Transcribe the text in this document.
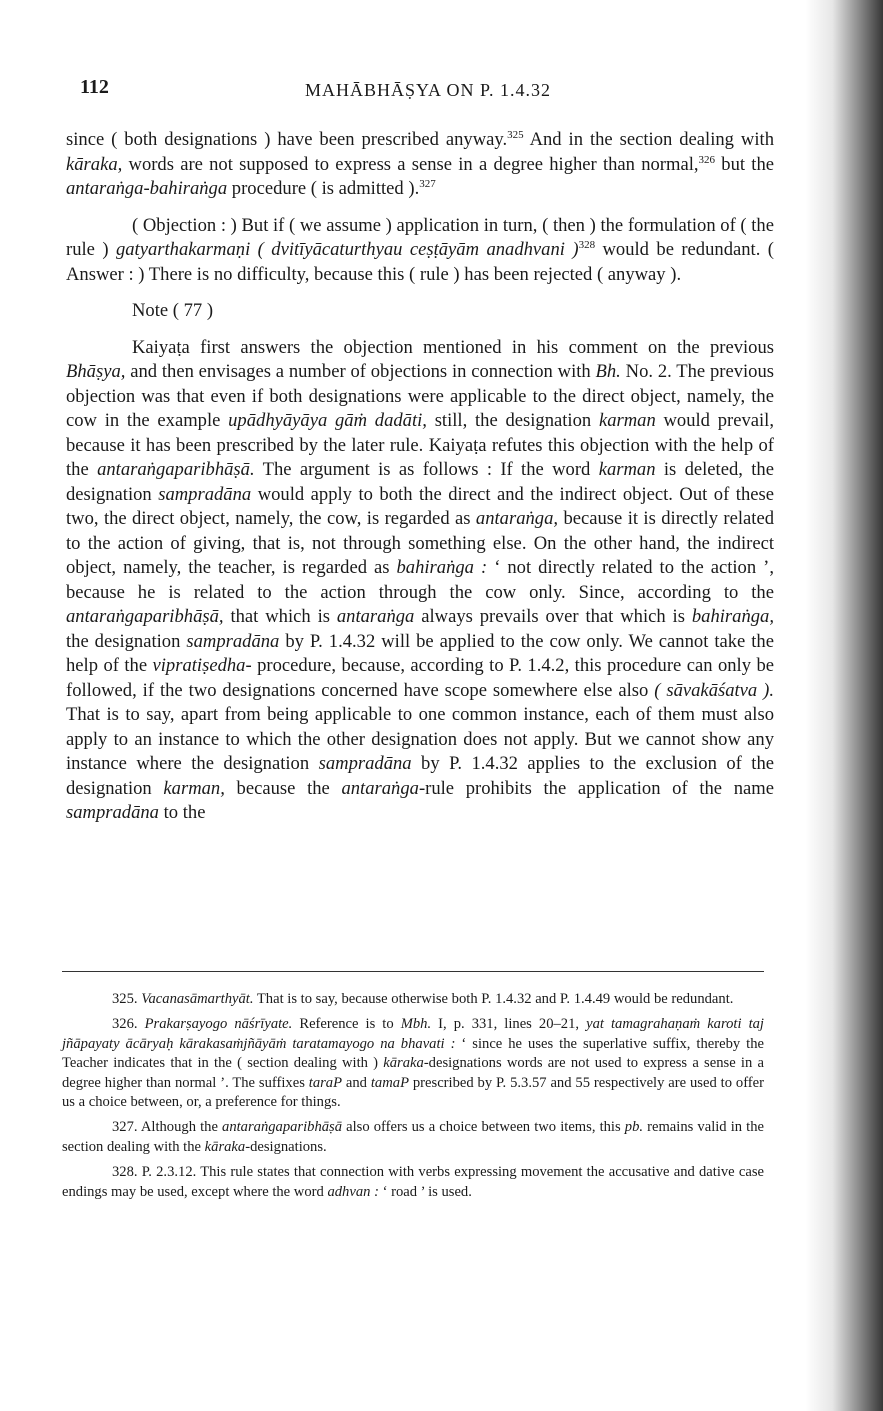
112	MAHĀBHĀṢYA ON P. 1.4.32

since ( both designations ) have been prescribed anyway.$^{325}$ And in the section dealing with kāraka, words are not supposed to express a sense in a degree higher than normal,$^{326}$ but the antaraṅga-bahiraṅga procedure ( is admitted ).$^{327}$

( Objection : ) But if ( we assume ) application in turn, ( then ) the formulation of ( the rule ) gatyarthakarmaṇi ( dvitīyācaturthyau ceṣṭāyām anadhvani )$^{328}$ would be redundant. ( Answer : ) There is no difficulty, because this ( rule ) has been rejected ( anyway ).

Note ( 77 )

Kaiyaṭa first answers the objection mentioned in his comment on the previous Bhāṣya, and then envisages a number of objections in connection with Bh. No. 2. The previous objection was that even if both designations were applicable to the direct object, namely, the cow in the example upādhyāyāya gāṁ dadāti, still, the designation karman would prevail, because it has been prescribed by the later rule. Kaiyaṭa refutes this objection with the help of the antaraṅgaparibhāṣā. The argument is as follows : If the word karman is deleted, the designation sampradāna would apply to both the direct and the indirect object. Out of these two, the direct object, namely, the cow, is regarded as antaraṅga, because it is directly related to the action of giving, that is, not through something else. On the other hand, the indirect object, namely, the teacher, is regarded as bahiraṅga : ‘ not directly related to the action ’, because he is related to the action through the cow only. Since, according to the antaraṅgaparibhāṣā, that which is antaraṅga always prevails over that which is bahiraṅga, the designation sampradāna by P. 1.4.32 will be applied to the cow only. We cannot take the help of the vipratiṣedha- procedure, because, according to P. 1.4.2, this procedure can only be followed, if the two designations concerned have scope somewhere else also ( sāvakāśatva ). That is to say, apart from being applicable to one common instance, each of them must also apply to an instance to which the other designation does not apply. But we cannot show any instance where the designation sampradāna by P. 1.4.32 applies to the exclusion of the designation karman, because the antaraṅga-rule prohibits the application of the name sampradāna to the

325. Vacanasāmarthyāt. That is to say, because otherwise both P. 1.4.32 and P. 1.4.49 would be redundant.

326. Prakarṣayogo nāśrīyate. Reference is to Mbh. I, p. 331, lines 20–21, yat tamagrahaṇaṁ karoti taj jñāpayaty ācāryaḥ kārakasaṁjñāyāṁ taratamayogo na bhavati : ‘ since he uses the superlative suffix, thereby the Teacher indicates that in the ( section dealing with ) kāraka-designations words are not used to express a sense in a degree higher than normal ’. The suffixes taraP and tamaP prescribed by P. 5.3.57 and 55 respectively are used to offer us a choice between, or, a preference for things.

327. Although the antaraṅgaparibhāṣā also offers us a choice between two items, this pb. remains valid in the section dealing with the kāraka-designations.

328. P. 2.3.12. This rule states that connection with verbs expressing movement the accusative and dative case endings may be used, except where the word adhvan : ‘ road ’ is used.
